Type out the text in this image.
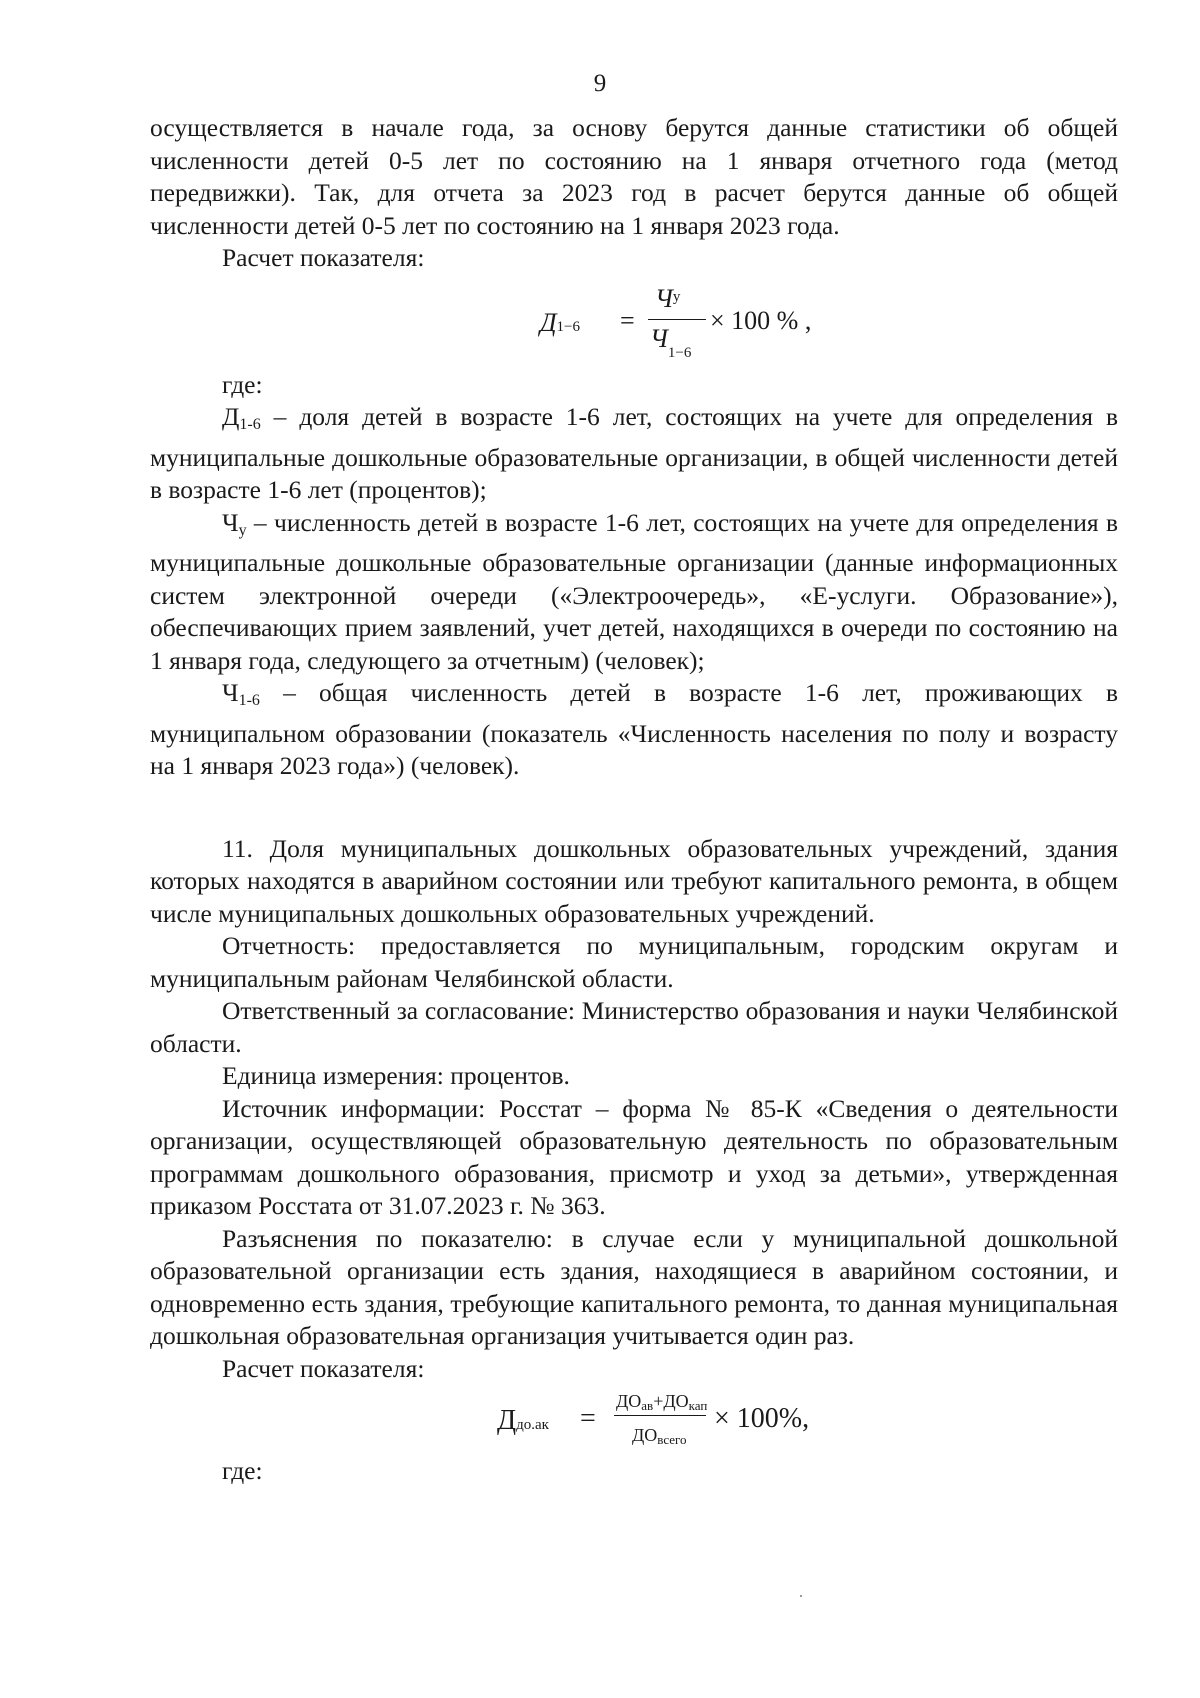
9

осуществляется в начале года, за основу берутся данные статистики об общей численности детей 0-5 лет по состоянию на 1 января отчетного года (метод передвижки). Так, для отчета за 2023 год в расчет берутся данные об общей численности детей 0-5 лет по состоянию на 1 января 2023 года.

Расчет показателя:

Д1−6 =
$Ч^у$
$Ч_{1-6}$
× 100 % ,

где:

Д1-6 – доля детей в возрасте 1-6 лет, состоящих на учете для определения в муниципальные дошкольные образовательные организации, в общей численности детей в возрасте 1-6 лет (процентов);

Чу – численность детей в возрасте 1-6 лет, состоящих на учете для определения в муниципальные дошкольные образовательные организации (данные информационных систем электронной очереди («Электроочередь», «Е-услуги. Образование»), обеспечивающих прием заявлений, учет детей, находящихся в очереди по состоянию на 1 января года, следующего за отчетным) (человек);

Ч1-6 – общая численность детей в возрасте 1-6 лет, проживающих в муниципальном образовании (показатель «Численность населения по полу и возрасту на 1 января 2023 года») (человек).

11. Доля муниципальных дошкольных образовательных учреждений, здания которых находятся в аварийном состоянии или требуют капитального ремонта, в общем числе муниципальных дошкольных образовательных учреждений.

Отчетность: предоставляется по муниципальным, городским округам и муниципальным районам Челябинской области.

Ответственный за согласование: Министерство образования и науки Челябинской области.

Единица измерения: процентов.

Источник информации: Росстат – форма № 85-К «Сведения о деятельности организации, осуществляющей образовательную деятельность по образовательным программам дошкольного образования, присмотр и уход за детьми», утвержденная приказом Росстата от 31.07.2023 г. № 363.

Разъяснения по показателю: в случае если у муниципальной дошкольной образовательной организации есть здания, находящиеся в аварийном состоянии, и одновременно есть здания, требующие капитального ремонта, то данная муниципальная дошкольная образовательная организация учитывается один раз.

Расчет показателя:

Ддо.ак =
ДОав+ДОкап
ДОвсего
× 100%,

где:
